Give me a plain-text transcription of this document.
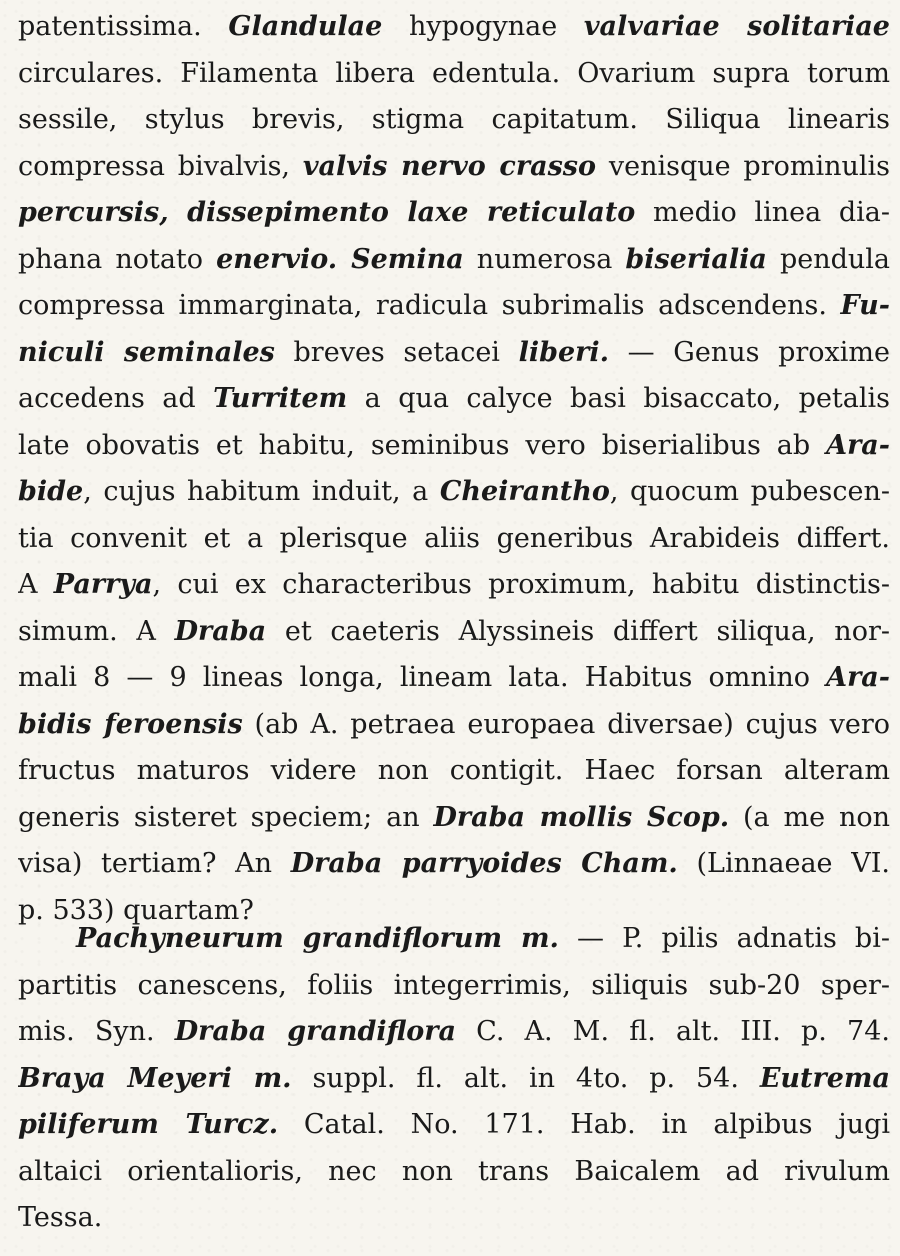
patentissima. Glandulae hypogynae valvariae solitariae
circulares. Filamenta libera edentula. Ovarium supra torum
sessile, stylus brevis, stigma capitatum. Siliqua linearis
compressa bivalvis, valvis nervo crasso venisque prominulis
percursis, dissepimento laxe reticulato medio linea dia-
phana notato enervio. Semina numerosa biserialia pendula
compressa immarginata, radicula subrimalis adscendens. Fu-
niculi seminales breves setacei liberi. — Genus proxime
accedens ad Turritem a qua calyce basi bisaccato, petalis
late obovatis et habitu, seminibus vero biserialibus ab Ara-
bide, cujus habitum induit, a Cheirantho, quocum pubescen-
tia convenit et a plerisque aliis generibus Arabideis differt.
A Parrya, cui ex characteribus proximum, habitu distinctis-
simum. A Draba et caeteris Alyssineis differt siliqua, nor-
mali 8 — 9 lineas longa, lineam lata. Habitus omnino Ara-
bidis feroensis (ab A. petraea europaea diversae) cujus vero
fructus maturos videre non contigit. Haec forsan alteram
generis sisteret speciem; an Draba mollis Scop. (a me non
visa) tertiam? An Draba parryoides Cham. (Linnaeae VI.
p. 533) quartam?
Pachyneurum grandiflorum m. — P. pilis adnatis bi-
partitis canescens, foliis integerrimis, siliquis sub-20 sper-
mis. Syn. Draba grandiflora C. A. M. fl. alt. III. p. 74.
Braya Meyeri m. suppl. fl. alt. in 4to. p. 54. Eutrema
piliferum Turcz. Catal. No. 171. Hab. in alpibus jugi
altaici orientalioris, nec non trans Baicalem ad rivulum
Tessa.
